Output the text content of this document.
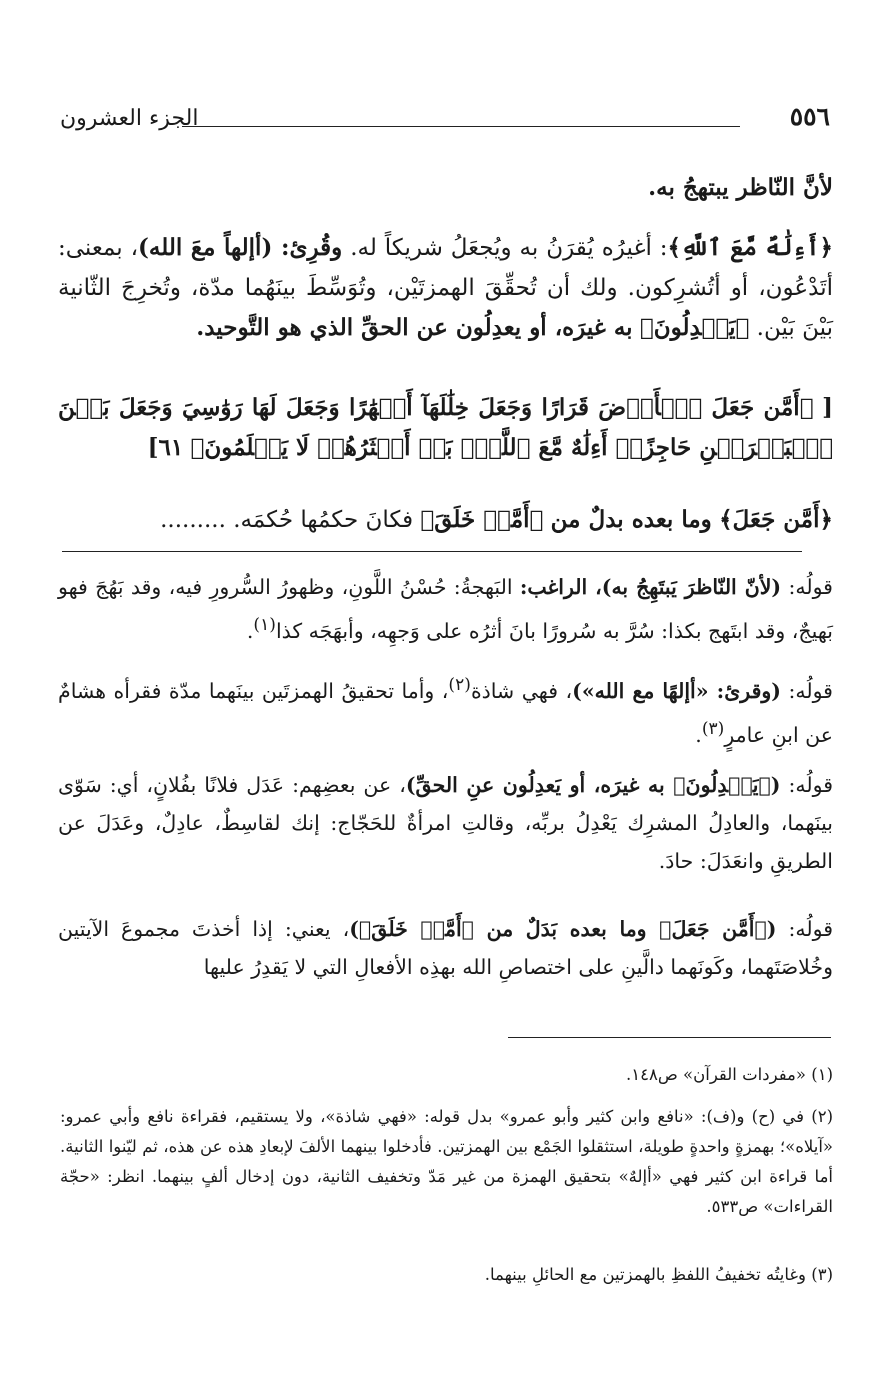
٥٥٦
الجزء العشرون
لأنَّ النّاظر يبتهجُ به.
﴿أَءِلَٰهٌ مَّعَ ٱللَّهِ﴾: أغيرُه يُقرَنُ به ويُجعَلُ شريكاً له. وقُرِئ: (أإلهاً معَ الله)، بمعنى: أتَدْعُون، أو أتُشرِكون. ولك أن تُحقِّقَ الهمزتَيْن، وتُوَسِّطَ بينَهُما مدّة، وتُخرِجَ الثّانية بَيْنَ بَيْن. ﴿يَعۡدِلُونَ﴾ به غيرَه، أو يعدِلُون عن الحقِّ الذي هو التَّوحيد.
[ ﴿أَمَّن جَعَلَ ٱلۡأَرۡضَ قَرَارًا وَجَعَلَ خِلَٰلَهَآ أَنۡهَٰرًا وَجَعَلَ لَهَا رَوَٰسِيَ وَجَعَلَ بَيۡنَ ٱلۡبَحۡرَيۡنِ حَاجِزًاۗ أَءِلَٰهٌ مَّعَ ٱللَّهِۚ بَلۡ أَكۡثَرُهُمۡ لَا يَعۡلَمُونَ﴾ ٦١]
﴿أَمَّن جَعَلَ﴾ وما بعده بدلٌ من ﴿أَمَّنۡ خَلَقَ﴾ فكانَ حكمُها حُكمَه. .........
قولُه: (لأنّ النّاظرَ يَبتَهِجُ به)، الراغب: البَهجةُ: حُسْنُ اللَّونِ، وظهورُ السُّرورِ فيه، وقد بَهُجَ فهو بَهيجٌ، وقد ابتَهج بكذا: سُرَّ به سُرورًا بانَ أثرُه على وَجهِه، وأبهَجَه كذا$^{(١)}$.
قولُه: (وقرئ: «أإلهًا مع الله»)، فهي شاذة$^{(٢)}$، وأما تحقيقُ الهمزتَين بينَهما مدّة فقرأه هشامٌ عن ابنِ عامرٍ$^{(٣)}$.
قولُه: (﴿يَعۡدِلُونَ﴾ به غيرَه، أو يَعدِلُون عنِ الحقِّ)، عن بعضِهم: عَدَل فلانًا بفُلانٍ، أي: سَوّى بينَهما، والعادِلُ المشرِك يَعْدِلُ بربِّه، وقالتِ امرأةٌ للحَجّاج: إنك لقاسِطٌ، عادِلٌ، وعَدَلَ عن الطريقِ وانعَدَلَ: حادَ.
قولُه: (﴿أَمَّن جَعَلَ﴾ وما بعده بَدَلٌ من ﴿أَمَّنۡ خَلَقَ﴾)، يعني: إذا أخذتَ مجموعَ الآيتين وخُلاصَتَهما، وكَونَهما دالَّينِ على اختصاصِ الله بهذِه الأفعالِ التي لا يَقدِرُ عليها
(١) «مفردات القرآن» ص١٤٨.
(٢) في (ح) و(ف): «نافع وابن كثير وأبو عمرو» بدل قوله: «فهي شاذة»، ولا يستقيم، فقراءة نافع وأبي عمرو: «آيلاه»؛ بهمزةٍ واحدةٍ طويلة، استثقلوا الجَمْع بين الهمزتين. فأدخلوا بينهما الألفَ لإبعادِ هذه عن هذه، ثم ليّنوا الثانية. أما قراءة ابن كثير فهي «أإلهٌ» بتحقيق الهمزة من غير مَدّ وتخفيف الثانية، دون إدخال ألفٍ بينهما. انظر: «حجّة القراءات» ص٥٣٣.
(٣) وغايتُه تخفيفُ اللفظِ بالهمزتين مع الحائلِ بينهما.
